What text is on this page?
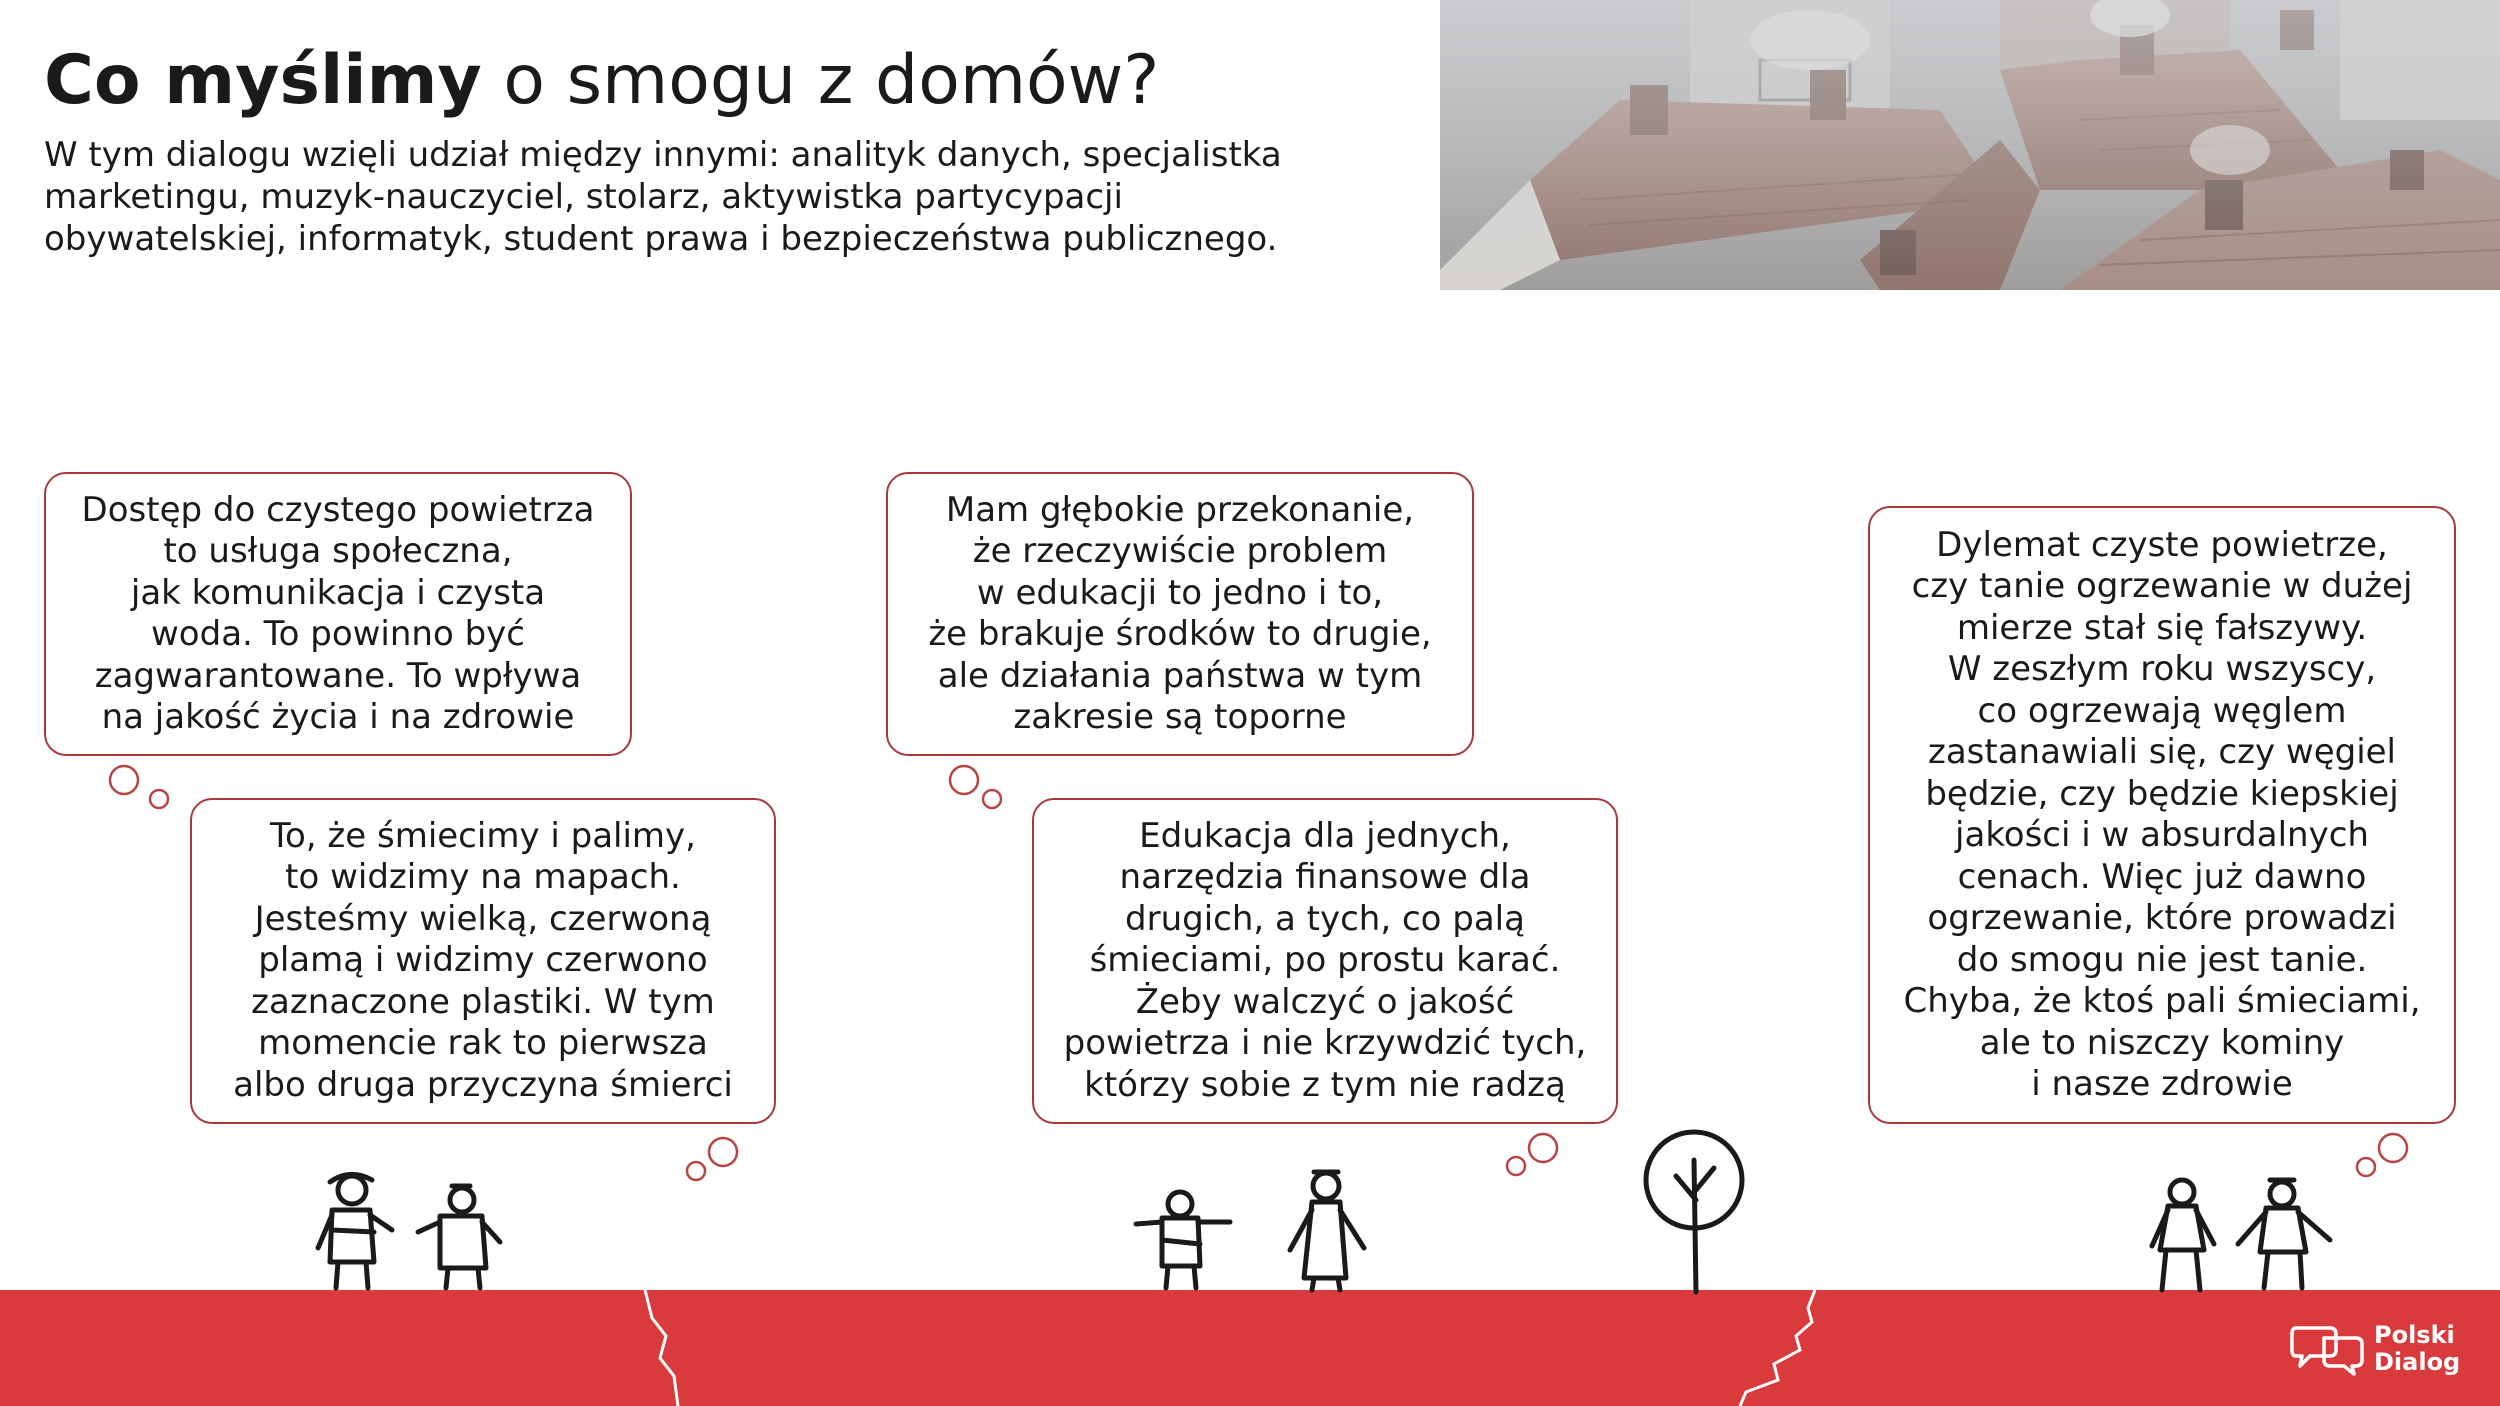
Co myślimy o smogu z domów?

W tym dialogu wzięli udział między innymi: analityk danych, specjalistka
marketingu, muzyk-nauczyciel, stolarz, aktywistka partycypacji
obywatelskiej, informatyk, student prawa i bezpieczeństwa publicznego.

Dostęp do czystego powietrza
to usługa społeczna,
jak komunikacja i czysta
woda. To powinno być
zagwarantowane. To wpływa
na jakość życia i na zdrowie
To, że śmiecimy i palimy,
to widzimy na mapach.
Jesteśmy wielką, czerwoną
plamą i widzimy czerwono
zaznaczone plastiki. W tym
momencie rak to pierwsza
albo druga przyczyna śmierci
Mam głębokie przekonanie,
że rzeczywiście problem
w edukacji to jedno i to,
że brakuje środków to drugie,
ale działania państwa w tym
zakresie są toporne
Edukacja dla jednych,
narzędzia finansowe dla
drugich, a tych, co palą
śmieciami, po prostu karać.
Żeby walczyć o jakość
powietrza i nie krzywdzić tych,
którzy sobie z tym nie radzą
Dylemat czyste powietrze,
czy tanie ogrzewanie w dużej
mierze stał się fałszywy.
W zeszłym roku wszyscy,
co ogrzewają węglem
zastanawiali się, czy węgiel
będzie, czy będzie kiepskiej
jakości i w absurdalnych
cenach. Więc już dawno
ogrzewanie, które prowadzi
do smogu nie jest tanie.
Chyba, że ktoś pali śmieciami,
ale to niszczy kominy
i nasze zdrowie

Polski
Dialog
